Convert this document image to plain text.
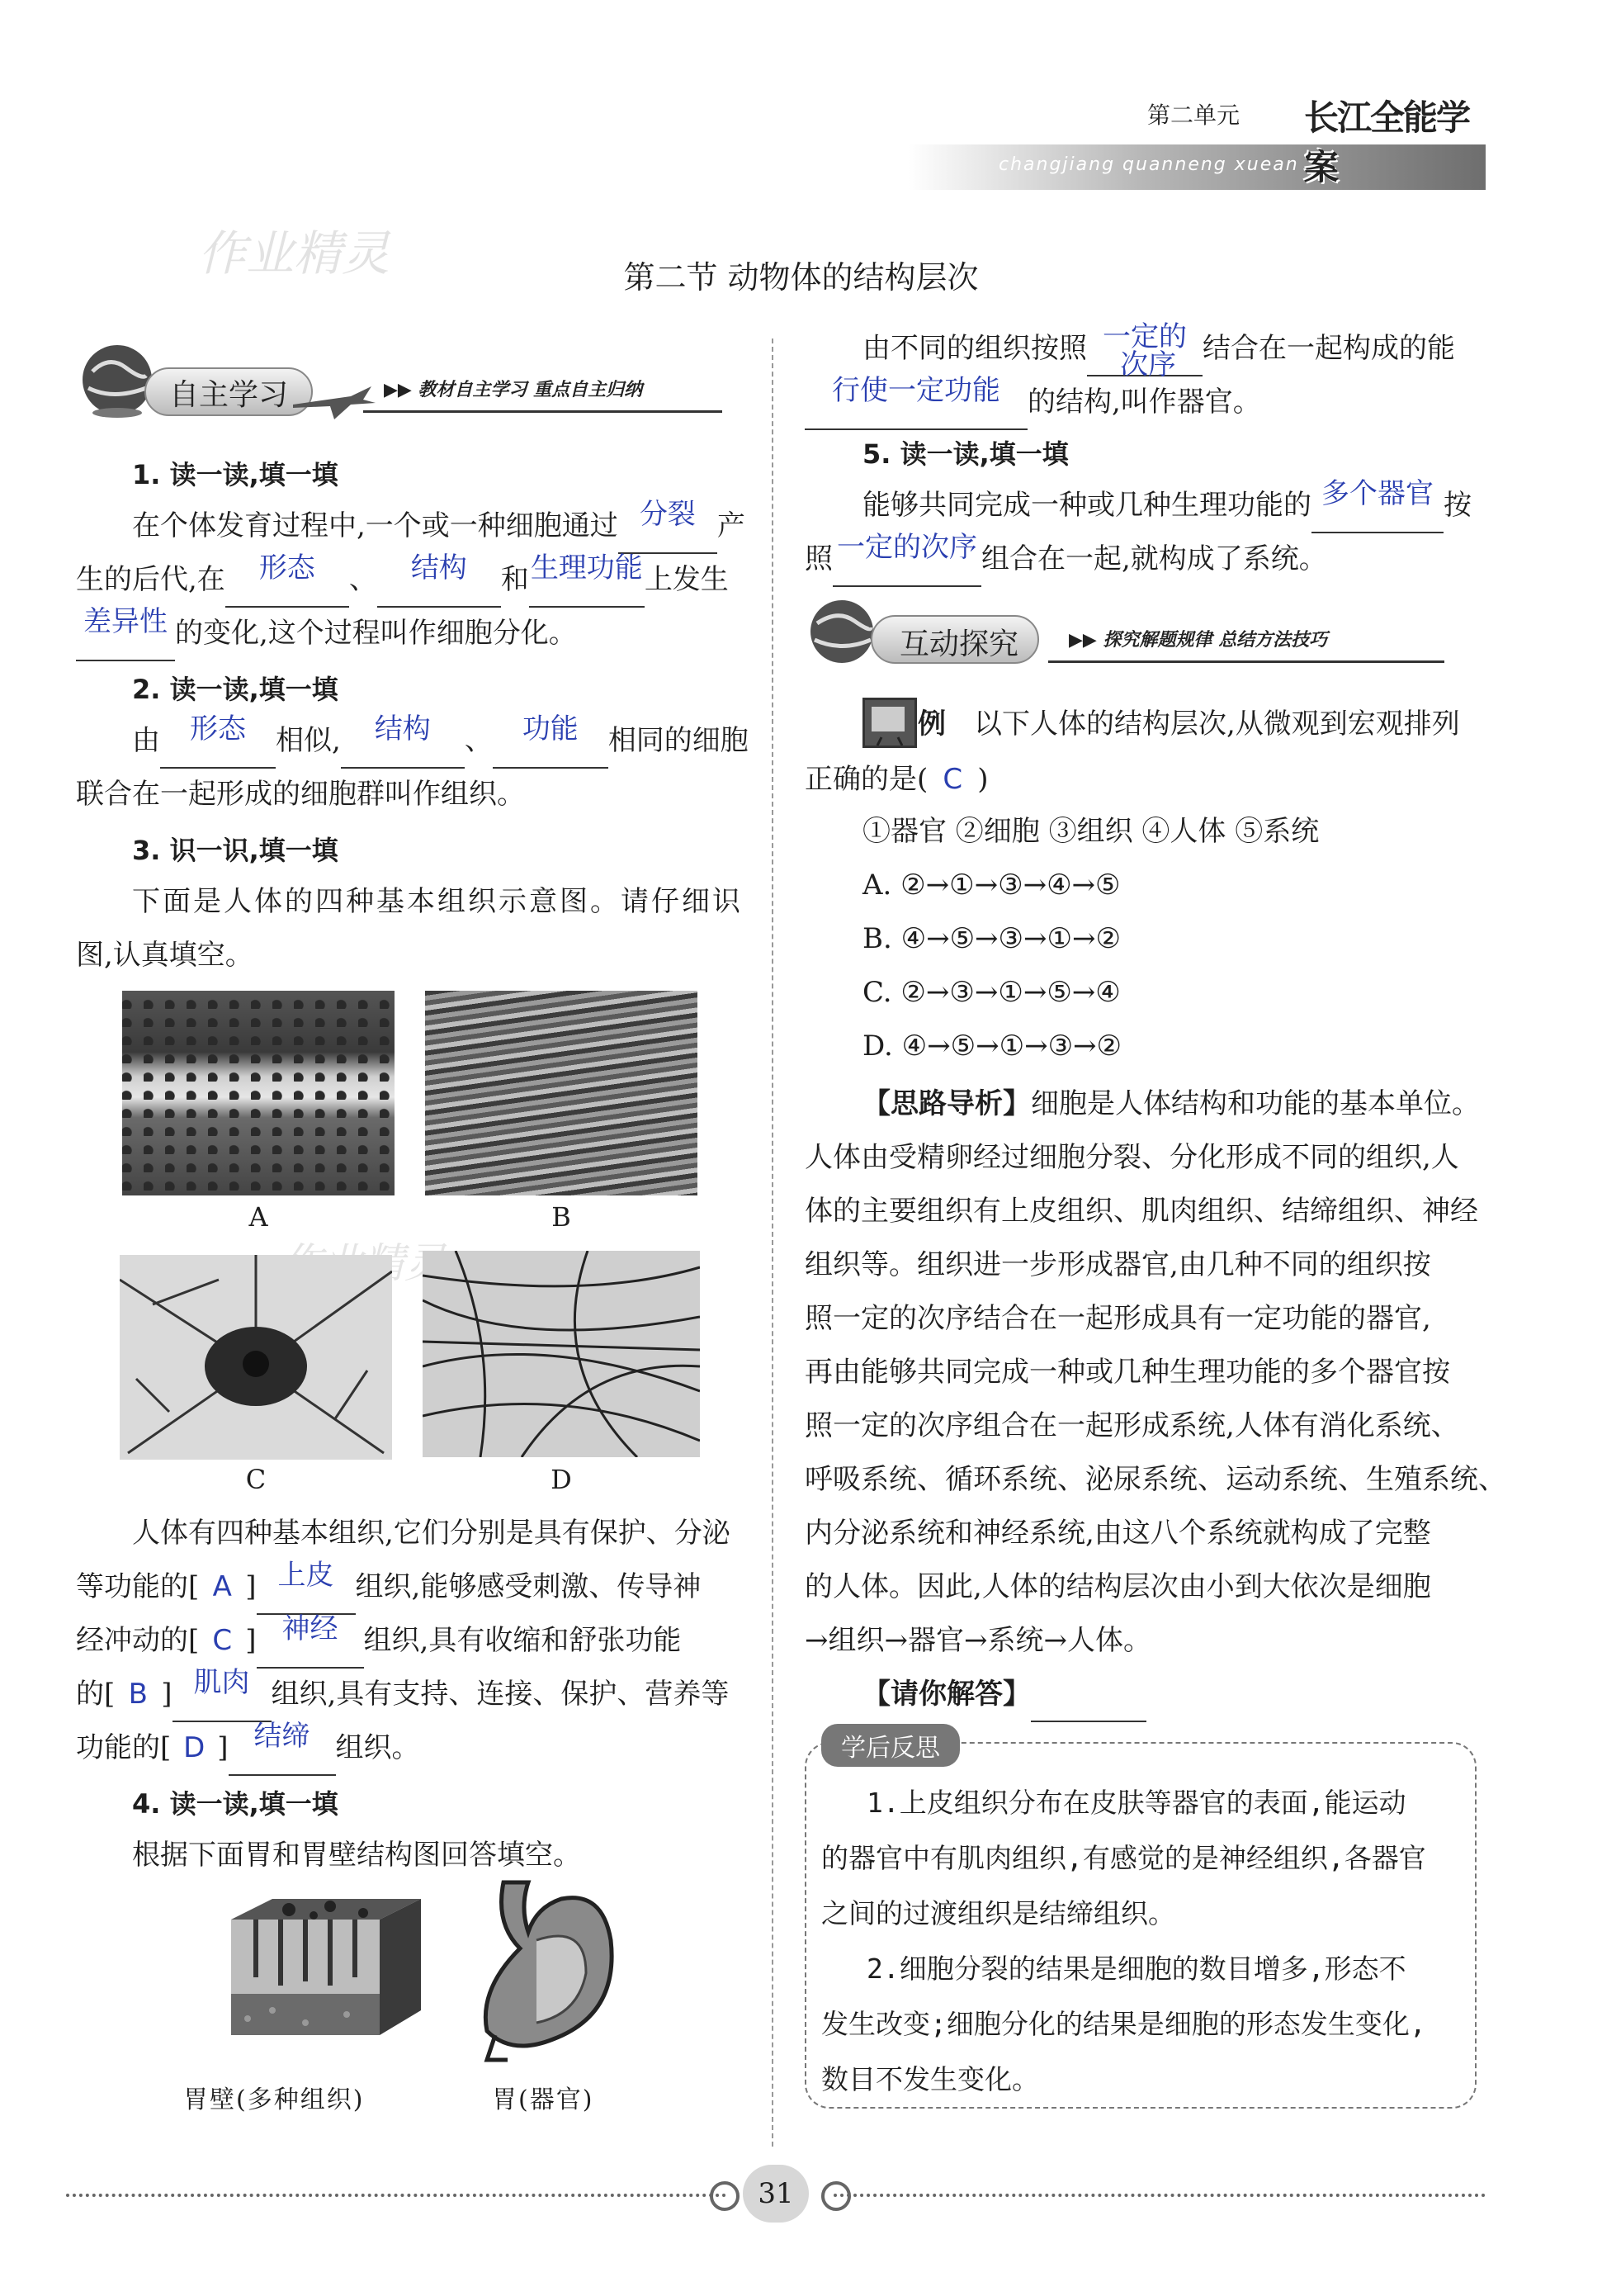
第二单元
changjiang quanneng xuean
长江全能学案
作业精灵	第二节 动物体的结构层次
自主学习	▶▶ 教材自主学习 重点自主归纳
1. 读一读,填一填
在个体发育过程中,一个或一种细胞通过 分裂 产
生的后代,在 形态 、 结构 和生理功能上发生
差异性 的变化,这个过程叫作细胞分化。
2. 读一读,填一填
由 形态 相似, 结构 、 功能 相同的细胞
联合在一起形成的细胞群叫作组织。
3. 识一识,填一填
下面是人体的四种基本组织示意图。请仔细识
图,认真填空。
A	B
C	D
人体有四种基本组织,它们分别是具有保护、分泌
等功能的[ A ] 上皮 组织,能够感受刺激、传导神
经冲动的[ C ] 神经 组织,具有收缩和舒张功能
的[ B ] 肌肉 组织,具有支持、连接、保护、营养等
功能的[ D ] 结缔 组织。
4. 读一读,填一填
根据下面胃和胃壁结构图回答填空。
胃壁(多种组织)	胃(器官)
由不同的组织按照 一定的
次序 结合在一起构成的能
行使一定功能 的结构,叫作器官。
5. 读一读,填一填
能够共同完成一种或几种生理功能的 多个器官 按
照 一定的次序 组合在一起,就构成了系统。
互动探究	▶▶ 探究解题规律 总结方法技巧
例 以下人体的结构层次,从微观到宏观排列
正确的是( C )
①器官 ②细胞 ③组织 ④人体 ⑤系统
A. ②→①→③→④→⑤
B. ④→⑤→③→①→②
C. ②→③→①→⑤→④
D. ④→⑤→①→③→②
【思路导析】细胞是人体结构和功能的基本单位。
人体由受精卵经过细胞分裂、分化形成不同的组织,人
体的主要组织有上皮组织、肌肉组织、结缔组织、神经
组织等。组织进一步形成器官,由几种不同的组织按
照一定的次序结合在一起形成具有一定功能的器官,
再由能够共同完成一种或几种生理功能的多个器官按
照一定的次序组合在一起形成系统,人体有消化系统、
呼吸系统、循环系统、泌尿系统、运动系统、生殖系统、
内分泌系统和神经系统,由这八个系统就构成了完整
的人体。因此,人体的结构层次由小到大依次是细胞
→组织→器官→系统→人体。
【请你解答】
学后反思
1.上皮组织分布在皮肤等器官的表面,能运动
的器官中有肌肉组织,有感觉的是神经组织,各器官
之间的过渡组织是结缔组织。
2.细胞分裂的结果是细胞的数目增多,形态不
发生改变;细胞分化的结果是细胞的形态发生变化,
数目不发生变化。
31
